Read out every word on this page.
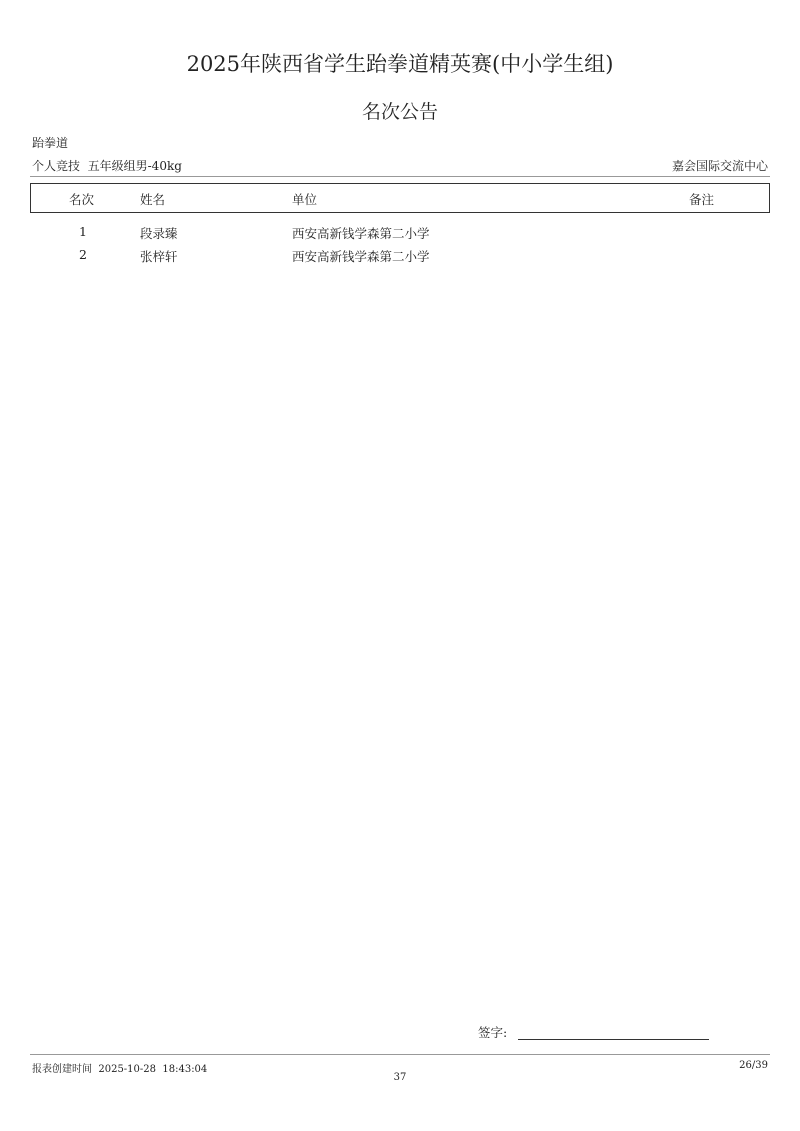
2025年陕西省学生跆拳道精英赛(中小学生组)
名次公告
跆拳道
个人竞技  五年级组男-40kg	嘉会国际交流中心
名次	姓名	单位	备注
1	段录臻	西安高新钱学森第二小学
2	张梓轩	西安高新钱学森第二小学
签字:
报表创建时间  2025-10-28  18:43:04	26/39
37
